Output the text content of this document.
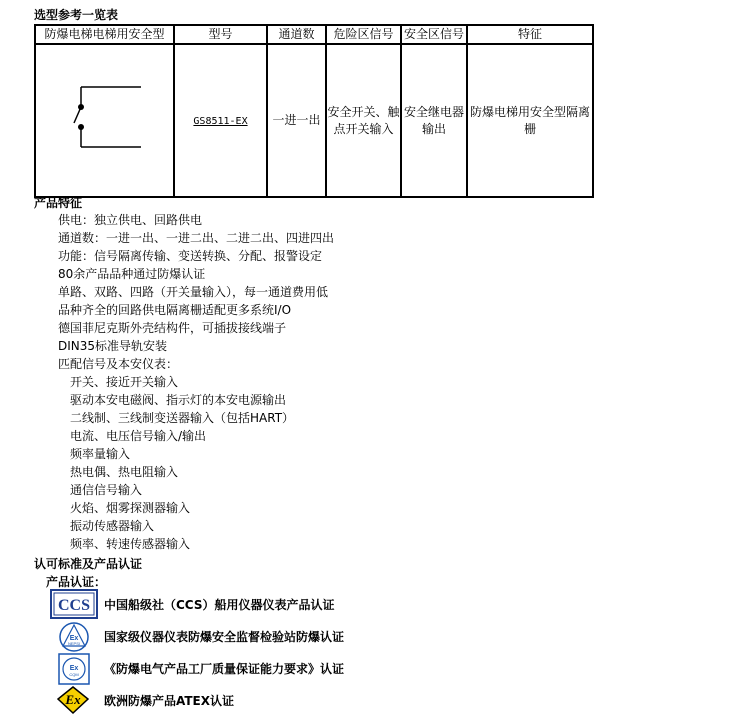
选型参考一览表
防爆电梯电梯用安全型	型号	通道数	危险区信号	安全区信号	特征
	GS8511-EX	一进一出	安全开关、触点开关输入	安全继电器输出	防爆电梯用安全型隔离栅
产品特征
供电：独立供电、回路供电
通道数：一进一出、一进二出、二进二出、四进四出
功能：信号隔离传输、变送转换、分配、报警设定
80余产品品种通过防爆认证
单路、双路、四路（开关量输入），每一通道费用低
品种齐全的回路供电隔离栅适配更多系统I/O
德国菲尼克斯外壳结构件，可插拔接线端子
DIN35标准导轨安装
匹配信号及本安仪表：
开关、接近开关输入
驱动本安电磁阀、指示灯的本安电源输出
二线制、三线制变送器输入（包括HART）
电流、电压信号输入/输出
频率量输入
热电偶、热电阻输入
通信信号输入
火焰、烟雾探测器输入
振动传感器输入
频率、转速传感器输入
认可标准及产品认证
产品认证：
CCS 中国船级社（CCS）船用仪器仪表产品认证
Ex
NEPSI 国家级仪器仪表防爆安全监督检验站防爆认证
Ex
CQM 《防爆电气产品工厂质量保证能力要求》认证
Ex 欧洲防爆产品ATEX认证
